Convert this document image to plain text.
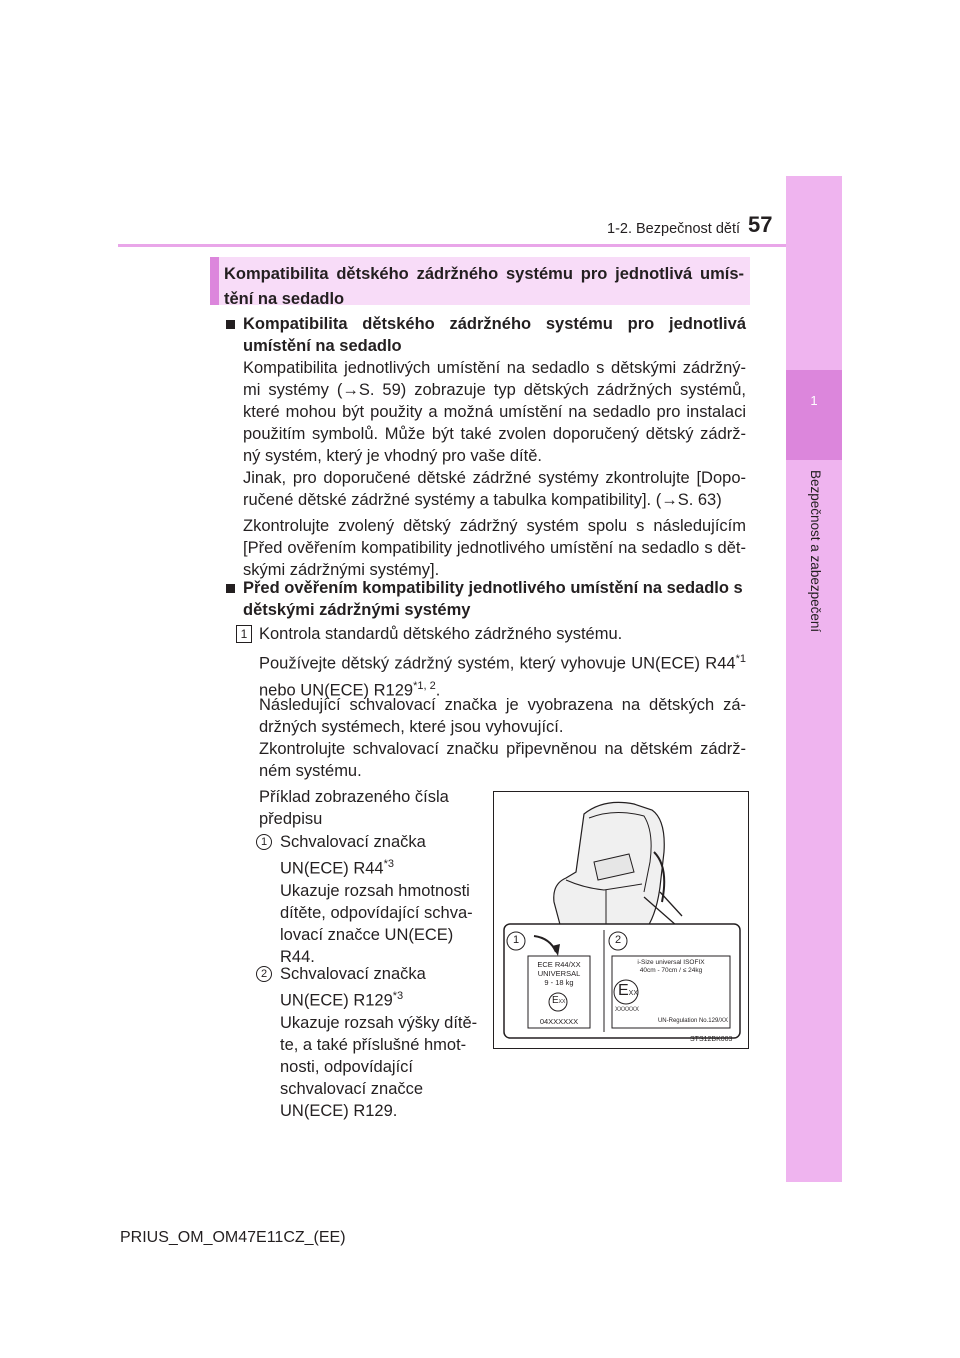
1-2. Bezpečnost dětí 57
1
Bezpečnost a zabezpečení
Kompatibilita dětského zádržného systému pro jednotlivá umís- tění na sedadlo
Kompatibilita dětského zádržného systému pro jednotlivá umístění na sedadlo
Kompatibilita jednotlivých umístění na sedadlo s dětskými zádržný- mi systémy (→S. 59) zobrazuje typ dětských zádržných systémů, které mohou být použity a možná umístění na sedadlo pro instalaci použitím symbolů. Může být také zvolen doporučený dětský zádrž- ný systém, který je vhodný pro vaše dítě.
Jinak, pro doporučené dětské zádržné systémy zkontrolujte [Dopo- ručené dětské zádržné systémy a tabulka kompatibility]. (→S. 63)
Zkontrolujte zvolený dětský zádržný systém spolu s následujícím [Před ověřením kompatibility jednotlivého umístění na sedadlo s dět- skými zádržnými systémy].
Před ověřením kompatibility jednotlivého umístění na sedadlo s dětskými zádržnými systémy
1 Kontrola standardů dětského zádržného systému.
Používejte dětský zádržný systém, který vyhovuje UN(ECE) R44$^{*1}$ nebo UN(ECE) R129$^{*1, 2}$.
Následující schvalovací značka je vyobrazena na dětských zá- držných systémech, které jsou vyhovující.
Zkontrolujte schvalovací značku připevněnou na dětském zádrž- ném systému.
Příklad zobrazeného čísla předpisu
1 Schvalovací značka UN(ECE) R44$^{*3}$
Ukazuje rozsah hmotnosti dítěte, odpovídající schva- lovací značce UN(ECE) R44.
2 Schvalovací značka UN(ECE) R129$^{*3}$
Ukazuje rozsah výšky dítě- te, a také příslušné hmot- nosti, odpovídající schvalovací značce UN(ECE) R129.
1	2
ECE R44/XX
UNIVERSAL
9 - 18 kg
EXX
04XXXXXX
i-Size universal ISOFIX
40cm - 70cm / ≤ 24kg
EXX
XXXXXX
UN-Regulation No.129/XX
STS12BK003
PRIUS_OM_OM47E11CZ_(EE)
